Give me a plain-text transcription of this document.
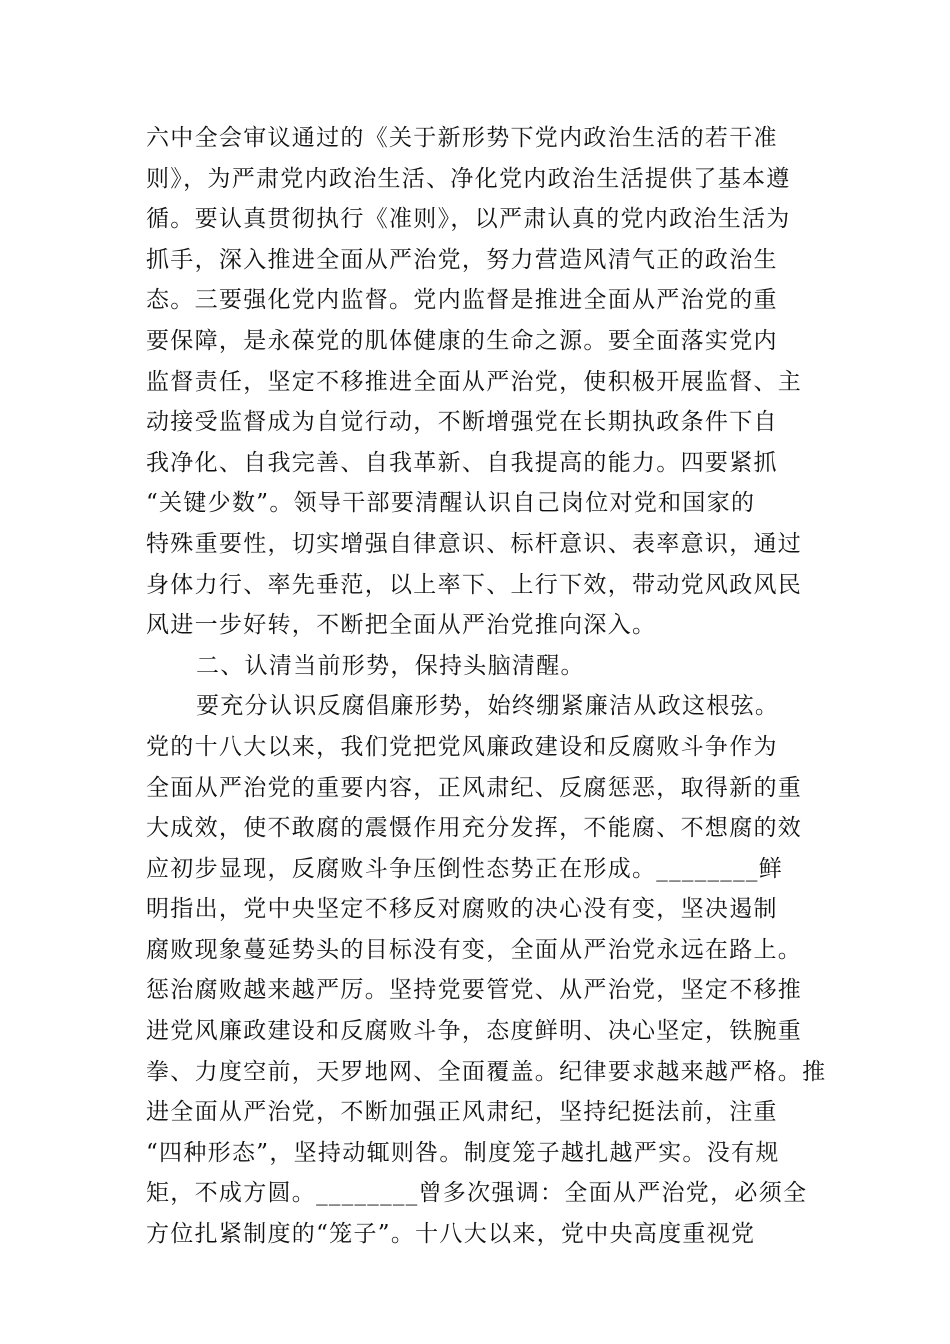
六中全会审议通过的《关于新形势下党内政治生活的若干准
则》，为严肃党内政治生活、净化党内政治生活提供了基本遵
循。要认真贯彻执行《准则》，以严肃认真的党内政治生活为
抓手，深入推进全面从严治党，努力营造风清气正的政治生
态。三要强化党内监督。党内监督是推进全面从严治党的重
要保障，是永葆党的肌体健康的生命之源。要全面落实党内
监督责任，坚定不移推进全面从严治党，使积极开展监督、主
动接受监督成为自觉行动，不断增强党在长期执政条件下自
我净化、自我完善、自我革新、自我提高的能力。四要紧抓
“关键少数”。领导干部要清醒认识自己岗位对党和国家的
特殊重要性，切实增强自律意识、标杆意识、表率意识，通过
身体力行、率先垂范，以上率下、上行下效，带动党风政风民
风进一步好转，不断把全面从严治党推向深入。
二、认清当前形势，保持头脑清醒。
要充分认识反腐倡廉形势，始终绷紧廉洁从政这根弦。
党的十八大以来，我们党把党风廉政建设和反腐败斗争作为
全面从严治党的重要内容，正风肃纪、反腐惩恶，取得新的重
大成效，使不敢腐的震慑作用充分发挥，不能腐、不想腐的效
应初步显现，反腐败斗争压倒性态势正在形成。________鲜
明指出，党中央坚定不移反对腐败的决心没有变，坚决遏制
腐败现象蔓延势头的目标没有变，全面从严治党永远在路上。
惩治腐败越来越严厉。坚持党要管党、从严治党，坚定不移推
进党风廉政建设和反腐败斗争，态度鲜明、决心坚定，铁腕重
拳、力度空前，天罗地网、全面覆盖。纪律要求越来越严格。推
进全面从严治党，不断加强正风肃纪，坚持纪挺法前，注重
“四种形态”，坚持动辄则咎。制度笼子越扎越严实。没有规
矩，不成方圆。________曾多次强调：全面从严治党，必须全
方位扎紧制度的“笼子”。十八大以来，党中央高度重视党
